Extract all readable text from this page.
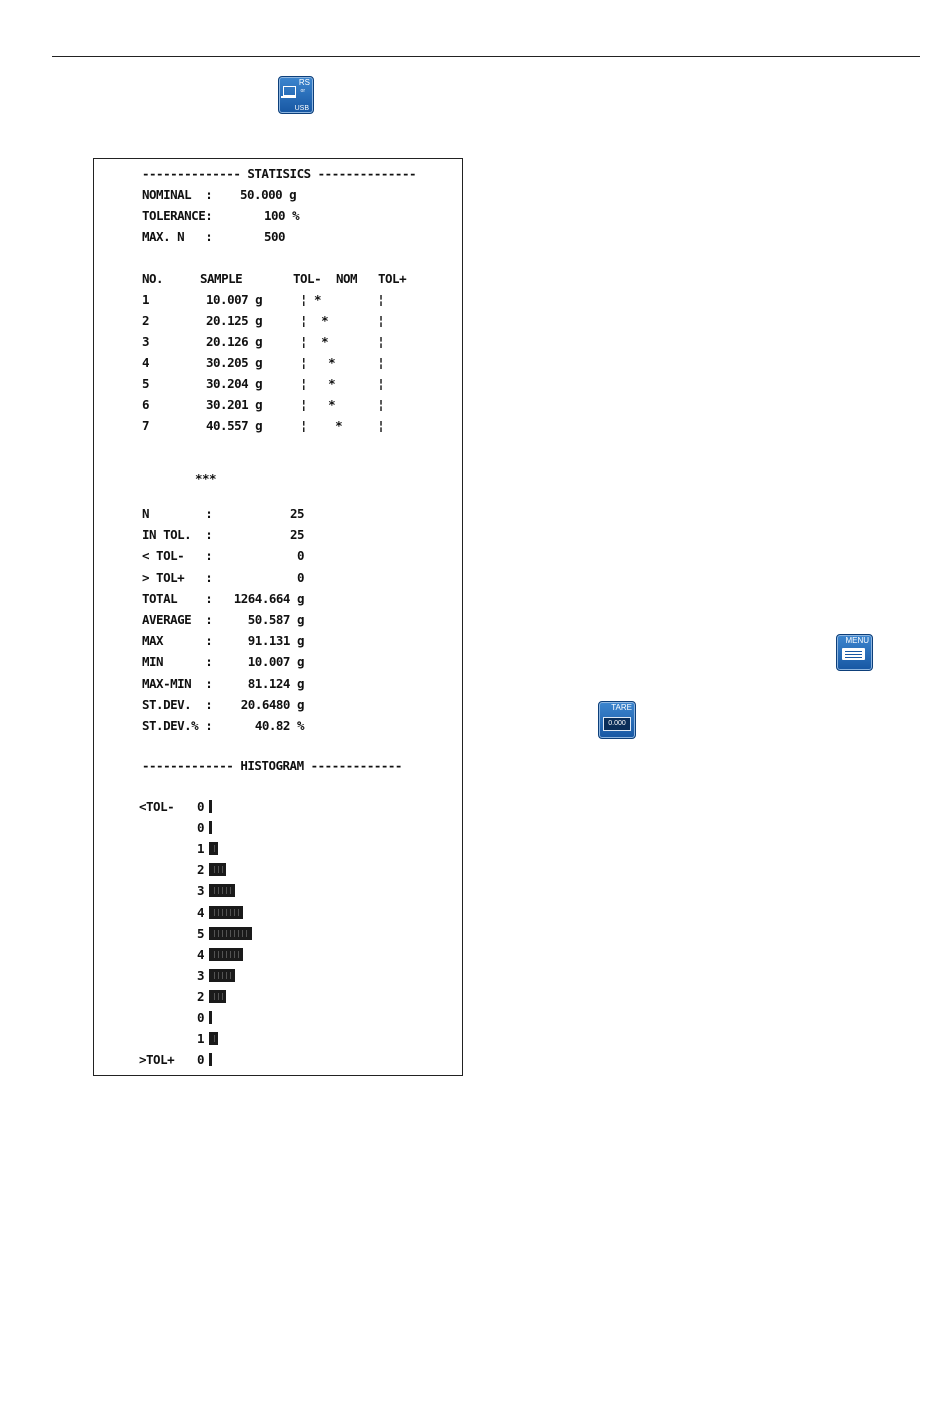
RS
or
USB
MENU
TARE
0.000
-------------- STATISICS --------------
NOMINAL  : 50.000 g
TOLERANCE:	100 %
MAX. N   :	500
NO.	SAMPLE	TOL- NOM TOL+
1	10.007 g	¦ *        ¦
2	20.125 g	¦  *       ¦
3	20.126 g	¦  *       ¦
4	30.205 g	¦   *      ¦
5	30.204 g	¦   *      ¦
6	30.201 g	¦   *      ¦
7	40.557 g	¦    *     ¦
***
N        :	25
IN TOL.  :	25
< TOL-   :	0
> TOL+   :	0
TOTAL    :	1264.664 g
AVERAGE  :	50.587 g
MAX      :	91.131 g
MIN      :	10.007 g
MAX-MIN  :	81.124 g
ST.DEV.  :	20.6480 g
ST.DEV.% :	40.82 %
------------- HISTOGRAM -------------
<TOL- 0
0
1
2
3
4
5
4
3
2
0
1
>TOL+ 0
